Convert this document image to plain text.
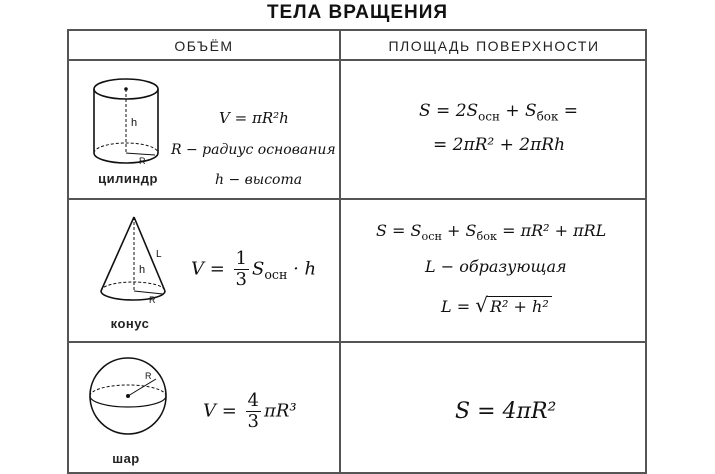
ТЕЛА ВРАЩЕНИЯ
ОБЪЁМ	ПЛОЩАДЬ ПОВЕРХНОСТИ
h
R
цилиндр
V = πR²h
R − радиус основания
h − высота
$S = 2S_{осн} + S_{бок}$ =
= 2πR² + 2πRh
L
h
R
конус
$V = \frac{1}{3} S_{осн} \cdot h$
$S = S_{осн} + S_{бок} = \pi R^2 + \pi RL$
L − образующая
L = √ R² + h²
R
шар
$V = \frac{4}{3} \pi R^3$	S = 4πR²
